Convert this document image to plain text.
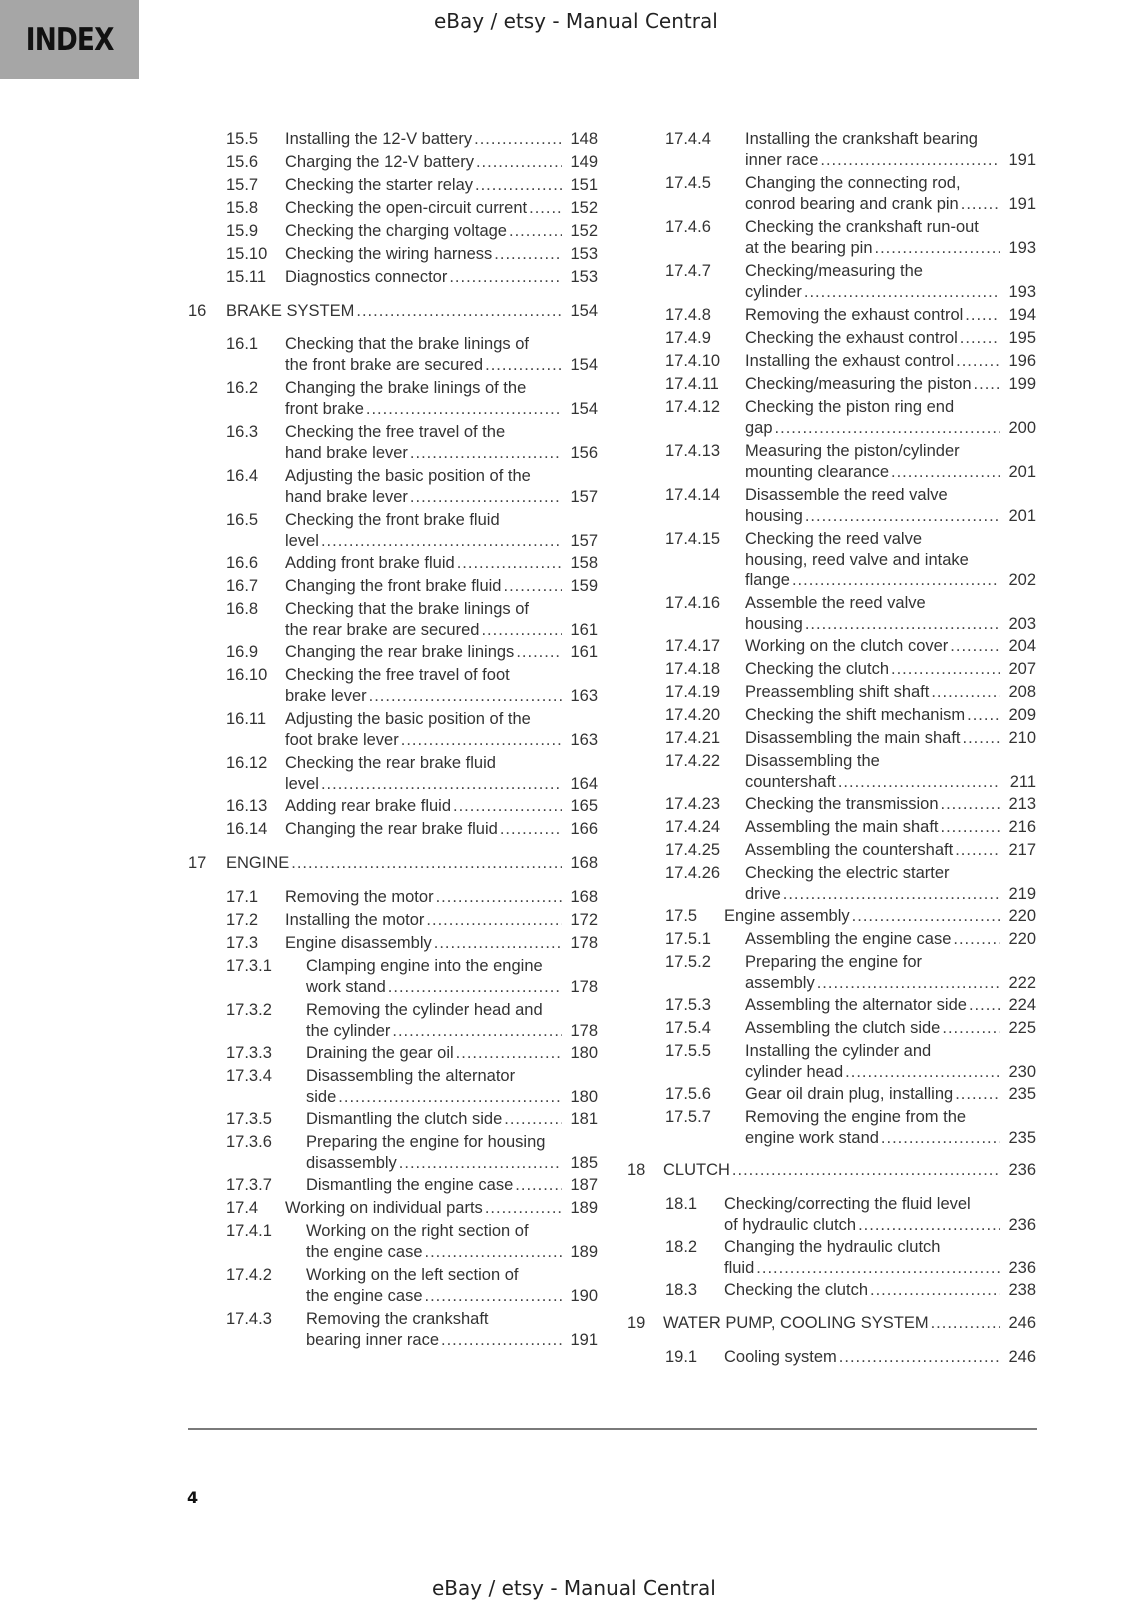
INDEX
eBay / etsy - Manual Central
15.5 Installing the 12-V battery .....	148
15.6 Charging the 12-V battery .....	149
15.7 Checking the starter relay .....	151
15.8 Checking the open-circuit current .....	152
15.9 Checking the charging voltage .....	152
15.10 Checking the wiring harness .....	153
15.11 Diagnostics connector .....	153
16 BRAKE SYSTEM .....	154
16.1 Checking that the brake linings of
the front brake are secured .....	154
16.2 Changing the brake linings of the
front brake .....	154
16.3 Checking the free travel of the
hand brake lever .....	156
16.4 Adjusting the basic position of the
hand brake lever .....	157
16.5 Checking the front brake fluid
level .....	157
16.6 Adding front brake fluid .....	158
16.7 Changing the front brake fluid .....	159
16.8 Checking that the brake linings of
the rear brake are secured .....	161
16.9 Changing the rear brake linings .....	161
16.10 Checking the free travel of foot
brake lever .....	163
16.11 Adjusting the basic position of the
foot brake lever .....	163
16.12 Checking the rear brake fluid
level .....	164
16.13 Adding rear brake fluid .....	165
16.14 Changing the rear brake fluid .....	166
17 ENGINE .....	168
17.1 Removing the motor .....	168
17.2 Installing the motor .....	172
17.3 Engine disassembly .....	178
17.3.1 Clamping engine into the engine
work stand .....	178
17.3.2 Removing the cylinder head and
the cylinder .....	178
17.3.3 Draining the gear oil .....	180
17.3.4 Disassembling the alternator
side .....	180
17.3.5 Dismantling the clutch side .....	181
17.3.6 Preparing the engine for housing
disassembly .....	185
17.3.7 Dismantling the engine case .....	187
17.4 Working on individual parts .....	189
17.4.1 Working on the right section of
the engine case .....	189
17.4.2 Working on the left section of
the engine case .....	190
17.4.3 Removing the crankshaft
bearing inner race .....	191
17.4.4 Installing the crankshaft bearing
inner race .....	191
17.4.5 Changing the connecting rod,
conrod bearing and crank pin .....	191
17.4.6 Checking the crankshaft run-out
at the bearing pin .....	193
17.4.7 Checking/measuring the
cylinder .....	193
17.4.8 Removing the exhaust control .....	194
17.4.9 Checking the exhaust control .....	195
17.4.10 Installing the exhaust control .....	196
17.4.11 Checking/measuring the piston .....	199
17.4.12 Checking the piston ring end
gap .....	200
17.4.13 Measuring the piston/cylinder
mounting clearance .....	201
17.4.14 Disassemble the reed valve
housing .....	201
17.4.15 Checking the reed valve
housing, reed valve and intake
flange .....	202
17.4.16 Assemble the reed valve
housing .....	203
17.4.17 Working on the clutch cover .....	204
17.4.18 Checking the clutch .....	207
17.4.19 Preassembling shift shaft .....	208
17.4.20 Checking the shift mechanism .....	209
17.4.21 Disassembling the main shaft .....	210
17.4.22 Disassembling the
countershaft .....	211
17.4.23 Checking the transmission .....	213
17.4.24 Assembling the main shaft .....	216
17.4.25 Assembling the countershaft .....	217
17.4.26 Checking the electric starter
drive .....	219
17.5 Engine assembly .....	220
17.5.1 Assembling the engine case .....	220
17.5.2 Preparing the engine for
assembly .....	222
17.5.3 Assembling the alternator side .....	224
17.5.4 Assembling the clutch side .....	225
17.5.5 Installing the cylinder and
cylinder head .....	230
17.5.6 Gear oil drain plug, installing .....	235
17.5.7 Removing the engine from the
engine work stand .....	235
18 CLUTCH .....	236
18.1 Checking/correcting the fluid level
of hydraulic clutch .....	236
18.2 Changing the hydraulic clutch
fluid .....	236
18.3 Checking the clutch .....	238
19 WATER PUMP, COOLING SYSTEM .....	246
19.1 Cooling system .....	246
4
eBay / etsy - Manual Central
